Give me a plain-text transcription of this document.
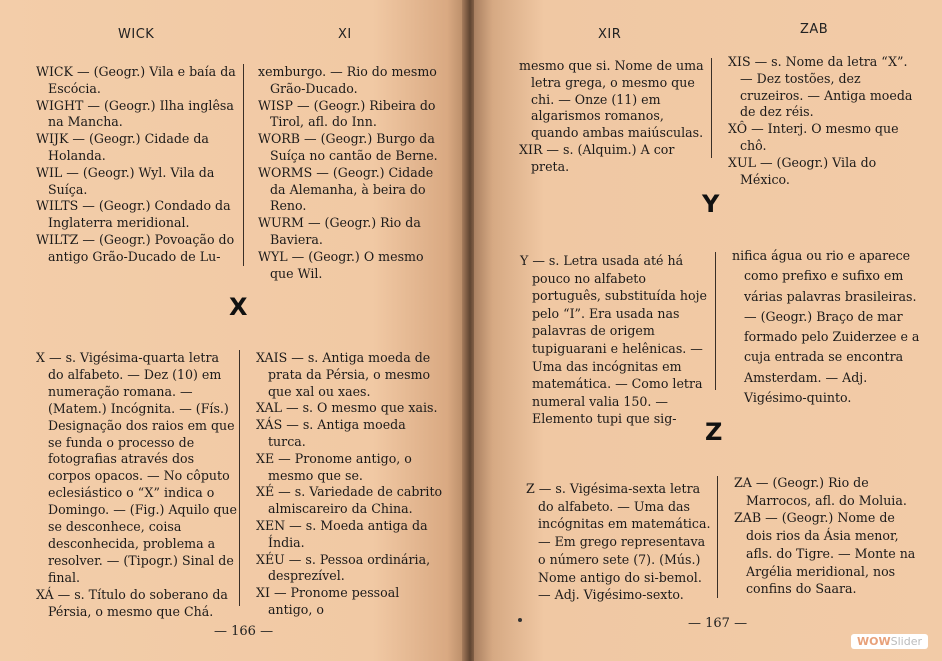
WICK	XI

WICK — (Geogr.) Vila e baía da Escócia.

WIGHT — (Geogr.) Ilha inglêsa na Mancha.

WIJK — (Geogr.) Cidade da Holanda.

WIL — (Geogr.) Wyl. Vila da Suíça.

WILTS — (Geogr.) Condado da Inglaterra meridional.

WILTZ — (Geogr.) Povoação do antigo Grão-Ducado de Lu-

xemburgo. — Rio do mesmo Grão-Ducado.

WISP — (Geogr.) Ribeira do Tirol, afl. do Inn.

WORB — (Geogr.) Burgo da Suíça no cantão de Berne.

WORMS — (Geogr.) Cidade da Alemanha, à beira do Reno.

WURM — (Geogr.) Rio da Baviera.

WYL — (Geogr.) O mesmo que Wil.

X

X — s. Vigésima-quarta letra do alfabeto. — Dez (10) em numeração romana. — (Matem.) Incógnita. — (Fís.) Designação dos raios em que se funda o processo de fotografias através dos corpos opacos. — No côputo eclesiástico o “X” indica o Domingo. — (Fig.) Aquilo que se desconhece, coisa desconhecida, problema a resolver. — (Tipogr.) Sinal de final.

XÁ — s. Título do soberano da Pérsia, o mesmo que Chá.

XAIS — s. Antiga moeda de prata da Pérsia, o mesmo que xal ou xaes.

XAL — s. O mesmo que xais.

XÁS — s. Antiga moeda turca.

XE — Pronome antigo, o mesmo que se.

XÉ — s. Variedade de cabrito almiscareiro da China.

XEN — s. Moeda antiga da Índia.

XÉU — s. Pessoa ordinária, desprezível.

XI — Pronome pessoal antigo, o

— 166 —
XIR	ZAB

mesmo que si. Nome de uma letra grega, o mesmo que chi. — Onze (11) em algarismos romanos, quando ambas maiúsculas.

XIR — s. (Alquim.) A cor preta.

XIS — s. Nome da letra “X”. — Dez tostões, dez cruzeiros. — Antiga moeda de dez réis.

XÔ — Interj. O mesmo que chô.

XUL — (Geogr.) Vila do México.

Y

Y — s. Letra usada até há pouco no alfabeto português, substituída hoje pelo “I”. Era usada nas palavras de origem tupiguarani e helênicas. — Uma das incógnitas em matemática. — Como letra numeral valia 150. — Elemento tupi que sig-

nifica água ou rio e aparece como prefixo e sufixo em várias palavras brasileiras. — (Geogr.) Braço de mar formado pelo Zuiderzee e a cuja entrada se encontra Amsterdam. — Adj. Vigésimo-quinto.

Z

Z — s. Vigésima-sexta letra do alfabeto. — Uma das incógnitas em matemática. — Em grego representava o número sete (7). (Mús.) Nome antigo do si-bemol. — Adj. Vigésimo-sexto.

ZA — (Geogr.) Rio de Marrocos, afl. do Moluia.

ZAB — (Geogr.) Nome de dois rios da Ásia menor, afls. do Tigre. — Monte na Argélia meridional, nos confins do Saara.

— 167 —
WOWSlider
